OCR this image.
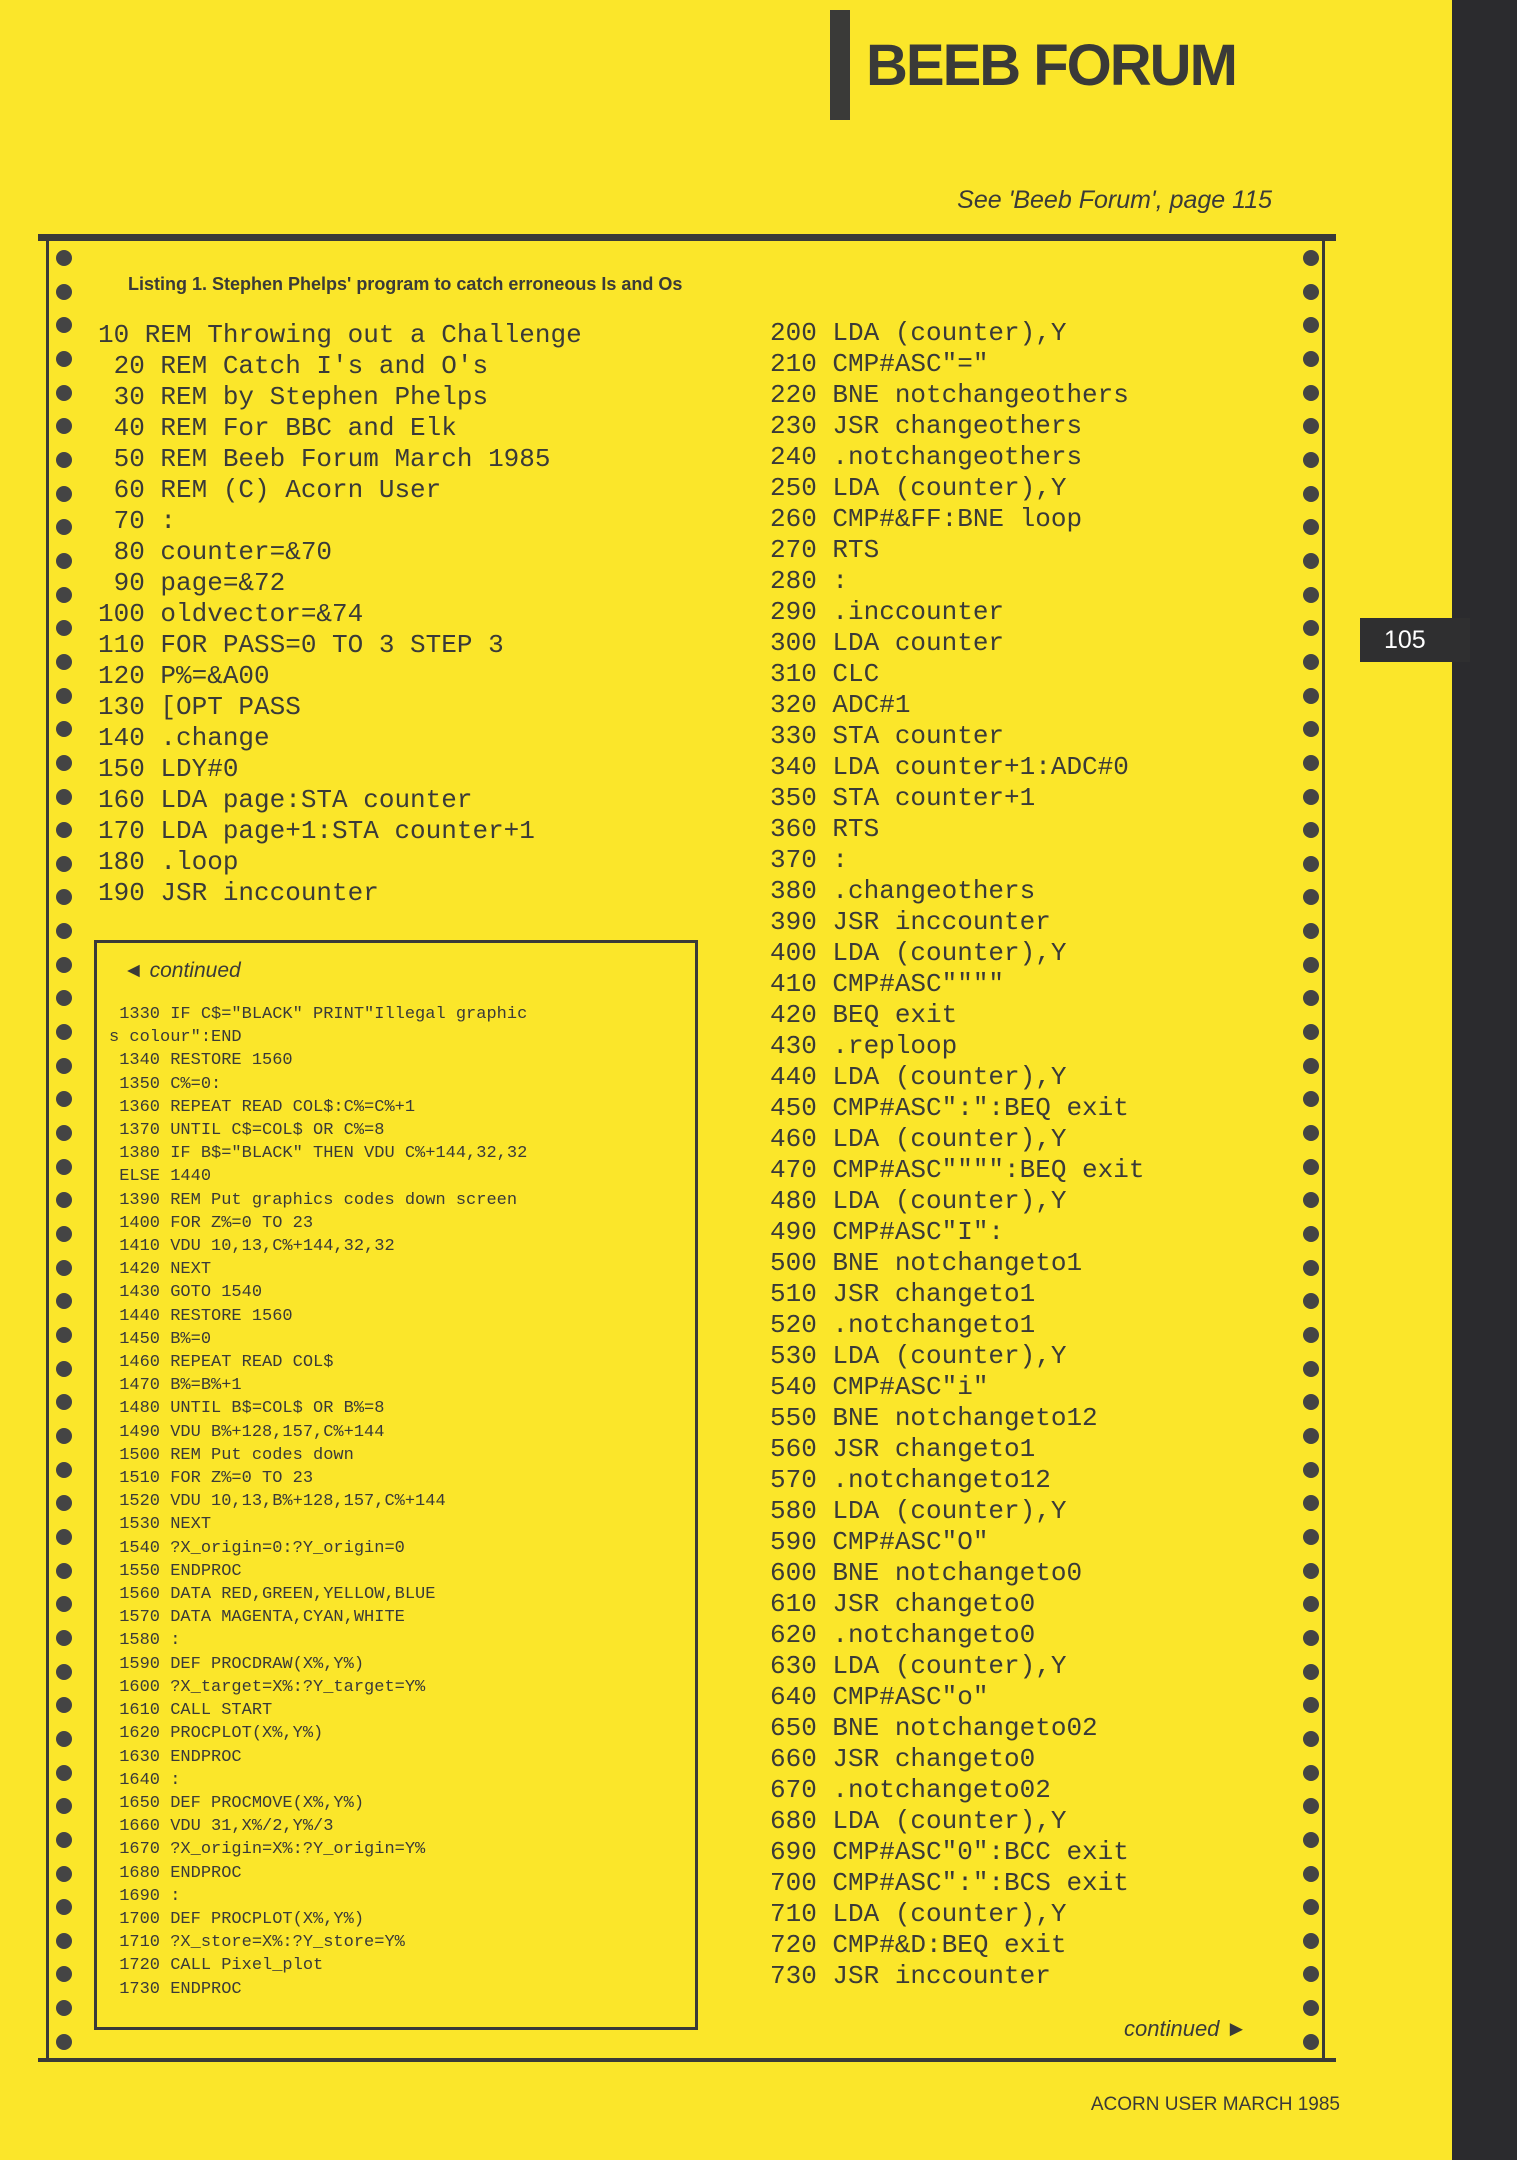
BEEB FORUM
See 'Beeb Forum', page 115
Listing 1. Stephen Phelps' program to catch erroneous Is and Os
10 REM Throwing out a Challenge
20 REM Catch I's and O's
30 REM by Stephen Phelps
40 REM For BBC and Elk
50 REM Beeb Forum March 1985
60 REM (C) Acorn User
70 :
80 counter=&70
90 page=&72
100 oldvector=&74
110 FOR PASS=0 TO 3 STEP 3
120 P%=&A00
130 [OPT PASS
140 .change
150 LDY#0
160 LDA page:STA counter
170 LDA page+1:STA counter+1
180 .loop
190 JSR inccounter
200 LDA (counter),Y
210 CMP#ASC"="
220 BNE notchangeothers
230 JSR changeothers
240 .notchangeothers
250 LDA (counter),Y
260 CMP#&FF:BNE loop
270 RTS
280 :
290 .inccounter
300 LDA counter
310 CLC
320 ADC#1
330 STA counter
340 LDA counter+1:ADC#0
350 STA counter+1
360 RTS
370 :
380 .changeothers
390 JSR inccounter
400 LDA (counter),Y
410 CMP#ASC""""
420 BEQ exit
430 .reploop
440 LDA (counter),Y
450 CMP#ASC":":BEQ exit
460 LDA (counter),Y
470 CMP#ASC"""":BEQ exit
480 LDA (counter),Y
490 CMP#ASC"I":
500 BNE notchangeto1
510 JSR changeto1
520 .notchangeto1
530 LDA (counter),Y
540 CMP#ASC"i"
550 BNE notchangeto12
560 JSR changeto1
570 .notchangeto12
580 LDA (counter),Y
590 CMP#ASC"O"
600 BNE notchangeto0
610 JSR changeto0
620 .notchangeto0
630 LDA (counter),Y
640 CMP#ASC"o"
650 BNE notchangeto02
660 JSR changeto0
670 .notchangeto02
680 LDA (counter),Y
690 CMP#ASC"0":BCC exit
700 CMP#ASC":":BCS exit
710 LDA (counter),Y
720 CMP#&D:BEQ exit
730 JSR inccounter
◄ continued
1330 IF C$="BLACK" PRINT"Illegal graphic
s colour":END
1340 RESTORE 1560
1350 C%=0:
1360 REPEAT READ COL$:C%=C%+1
1370 UNTIL C$=COL$ OR C%=8
1380 IF B$="BLACK" THEN VDU C%+144,32,32
ELSE 1440
1390 REM Put graphics codes down screen
1400 FOR Z%=0 TO 23
1410 VDU 10,13,C%+144,32,32
1420 NEXT
1430 GOTO 1540
1440 RESTORE 1560
1450 B%=0
1460 REPEAT READ COL$
1470 B%=B%+1
1480 UNTIL B$=COL$ OR B%=8
1490 VDU B%+128,157,C%+144
1500 REM Put codes down
1510 FOR Z%=0 TO 23
1520 VDU 10,13,B%+128,157,C%+144
1530 NEXT
1540 ?X_origin=0:?Y_origin=0
1550 ENDPROC
1560 DATA RED,GREEN,YELLOW,BLUE
1570 DATA MAGENTA,CYAN,WHITE
1580 :
1590 DEF PROCDRAW(X%,Y%)
1600 ?X_target=X%:?Y_target=Y%
1610 CALL START
1620 PROCPLOT(X%,Y%)
1630 ENDPROC
1640 :
1650 DEF PROCMOVE(X%,Y%)
1660 VDU 31,X%/2,Y%/3
1670 ?X_origin=X%:?Y_origin=Y%
1680 ENDPROC
1690 :
1700 DEF PROCPLOT(X%,Y%)
1710 ?X_store=X%:?Y_store=Y%
1720 CALL Pixel_plot
1730 ENDPROC
continued ►
ACORN USER MARCH 1985
105
